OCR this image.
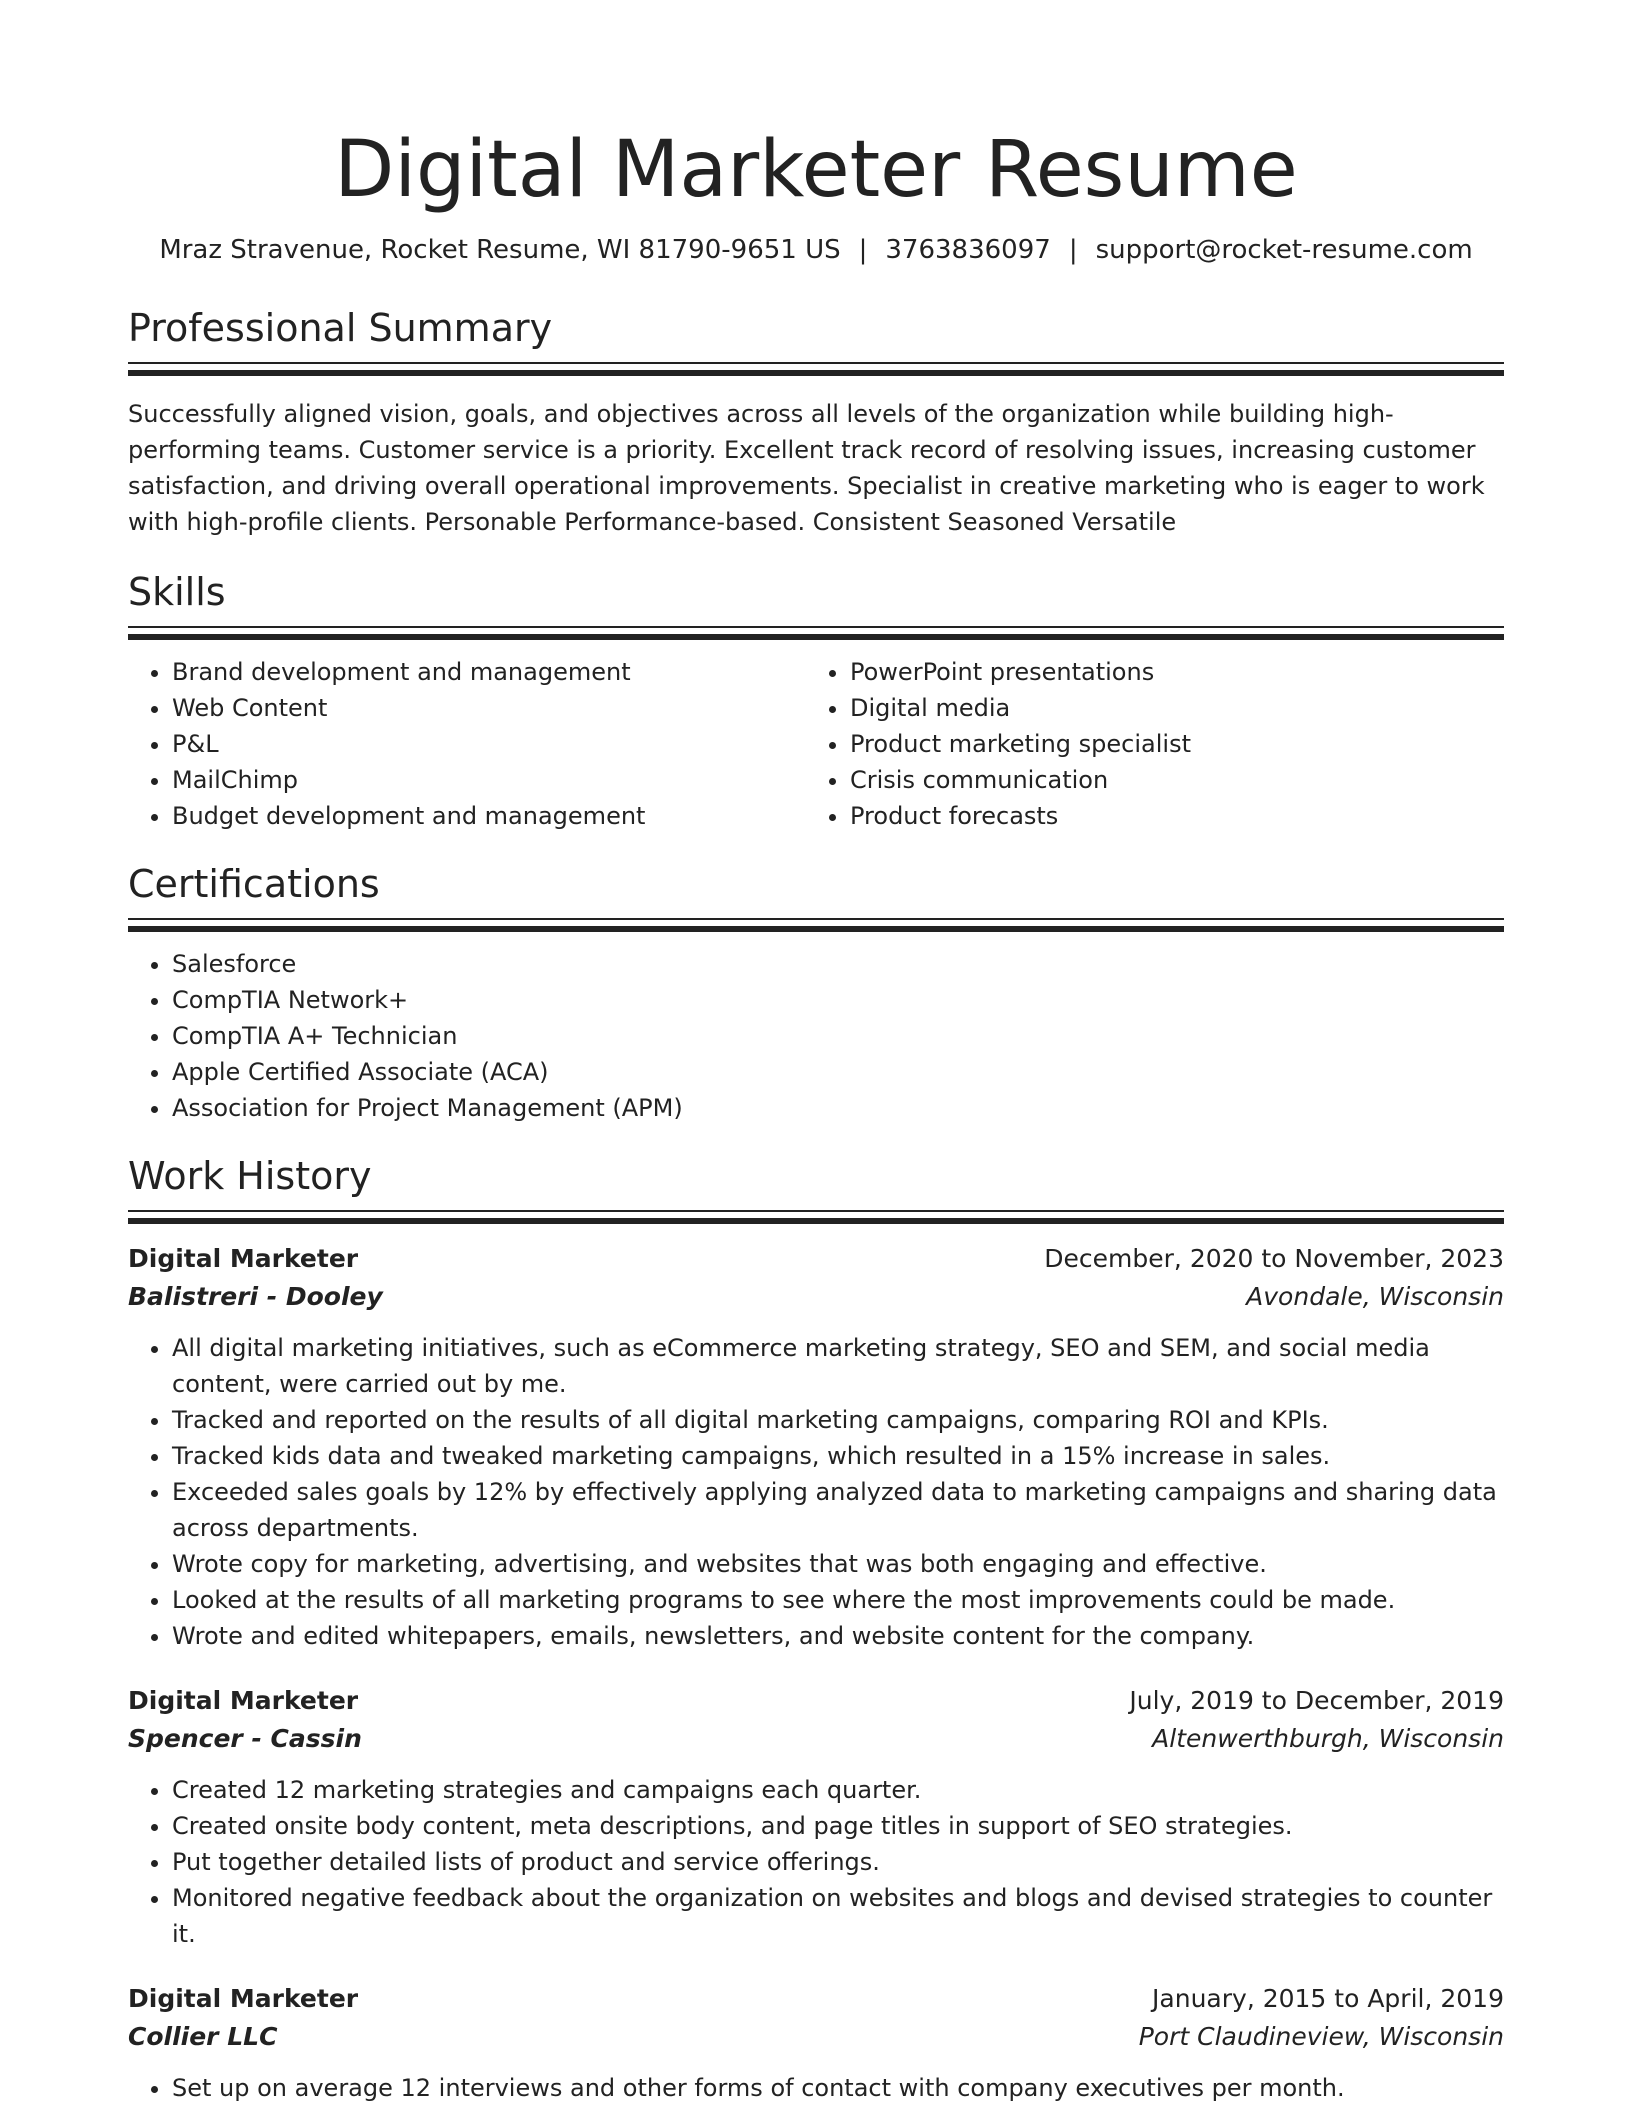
Digital Marketer Resume
Mraz Stravenue, Rocket Resume, WI 81790-9651 US | 3763836097 | support@rocket-resume.com
Professional Summary

Successfully aligned vision, goals, and objectives across all levels of the organization while building high-performing teams. Customer service is a priority. Excellent track record of resolving issues, increasing customer satisfaction, and driving overall operational improvements. Specialist in creative marketing who is eager to work with high-profile clients. Personable Performance-based. Consistent Seasoned Versatile

Skills
• Brand development and management
• Web Content
• P&L
• MailChimp
• Budget development and management
• PowerPoint presentations
• Digital media
• Product marketing specialist
• Crisis communication
• Product forecasts
Certifications
• Salesforce
• CompTIA Network+
• CompTIA A+ Technician
• Apple Certified Associate (ACA)
• Association for Project Management (APM)
Work History
Digital Marketer	December, 2020 to November, 2023
Balistreri - Dooley	Avondale, Wisconsin
• All digital marketing initiatives, such as eCommerce marketing strategy, SEO and SEM, and social media content, were carried out by me.
• Tracked and reported on the results of all digital marketing campaigns, comparing ROI and KPIs.
• Tracked kids data and tweaked marketing campaigns, which resulted in a 15% increase in sales.
• Exceeded sales goals by 12% by effectively applying analyzed data to marketing campaigns and sharing data across departments.
• Wrote copy for marketing, advertising, and websites that was both engaging and effective.
• Looked at the results of all marketing programs to see where the most improvements could be made.
• Wrote and edited whitepapers, emails, newsletters, and website content for the company.
Digital Marketer	July, 2019 to December, 2019
Spencer - Cassin	Altenwerthburgh, Wisconsin
• Created 12 marketing strategies and campaigns each quarter.
• Created onsite body content, meta descriptions, and page titles in support of SEO strategies.
• Put together detailed lists of product and service offerings.
• Monitored negative feedback about the organization on websites and blogs and devised strategies to counter it.
Digital Marketer	January, 2015 to April, 2019
Collier LLC	Port Claudineview, Wisconsin
• Set up on average 12 interviews and other forms of contact with company executives per month.
